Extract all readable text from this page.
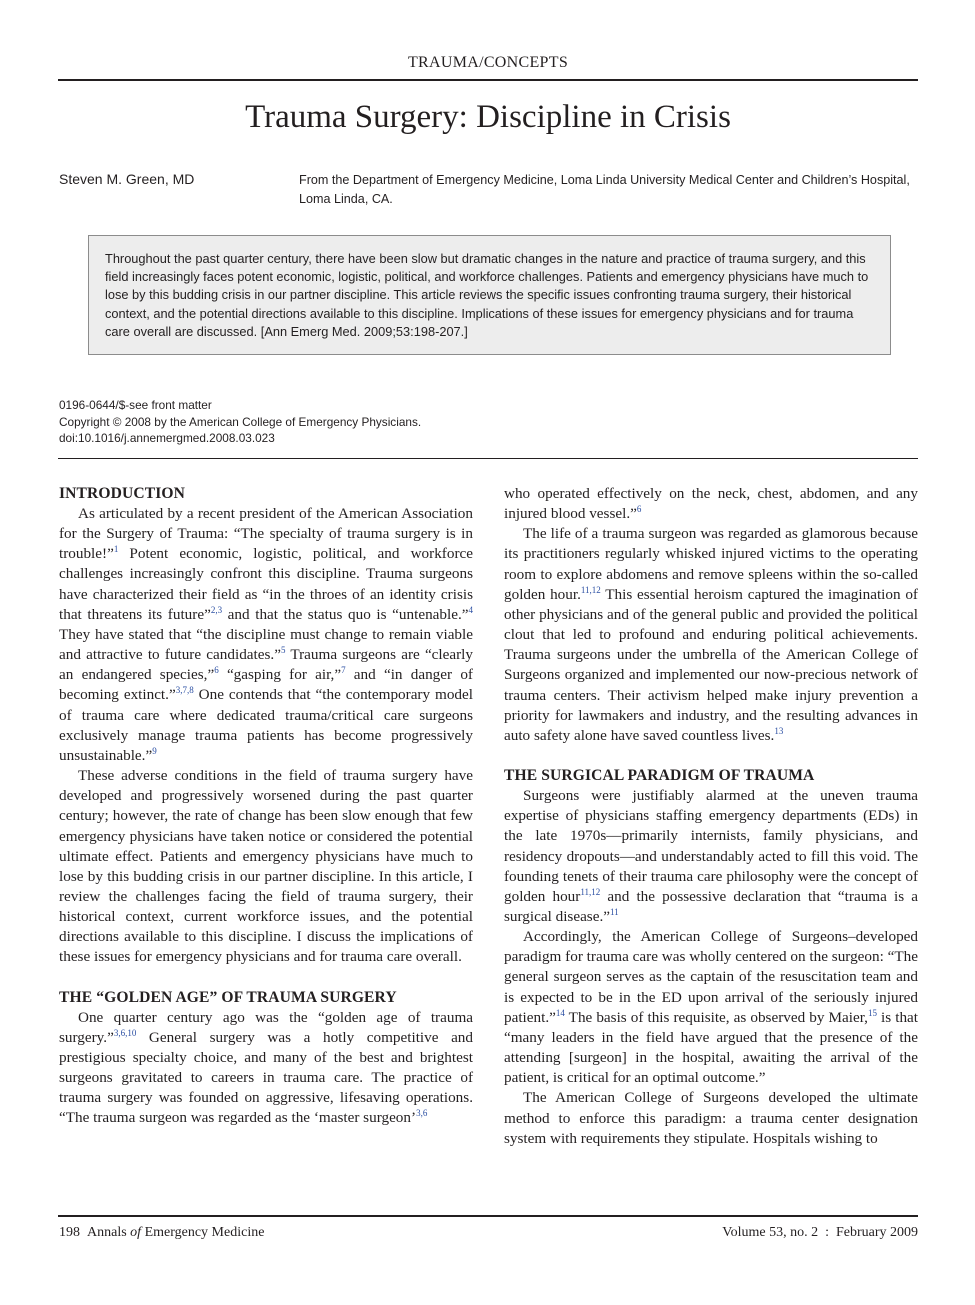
TRAUMA/CONCEPTS
Trauma Surgery: Discipline in Crisis
Steven M. Green, MD	From the Department of Emergency Medicine, Loma Linda University Medical Center and Children’s Hospital, Loma Linda, CA.
Throughout the past quarter century, there have been slow but dramatic changes in the nature and practice of trauma surgery, and this field increasingly faces potent economic, logistic, political, and workforce challenges. Patients and emergency physicians have much to lose by this budding crisis in our partner discipline. This article reviews the specific issues confronting trauma surgery, their historical context, and the potential directions available to this discipline. Implications of these issues for emergency physicians and for trauma care overall are discussed. [Ann Emerg Med. 2009;53:198-207.]
0196-0644/$-see front matter
Copyright © 2008 by the American College of Emergency Physicians.
doi:10.1016/j.annemergmed.2008.03.023
INTRODUCTION

As articulated by a recent president of the American Association for the Surgery of Trauma: “The specialty of trauma surgery is in trouble!”$^1$ Potent economic, logistic, political, and workforce challenges increasingly confront this discipline. Trauma surgeons have characterized their field as “in the throes of an identity crisis that threatens its future”$^{2,3}$ and that the status quo is “untenable.”$^4$ They have stated that “the discipline must change to remain viable and attractive to future candidates.”$^5$ Trauma surgeons are “clearly an endangered species,”$^6$ “gasping for air,”$^7$ and “in danger of becoming extinct.”$^{3,7,8}$ One contends that “the contemporary model of trauma care where dedicated trauma/critical care surgeons exclusively manage trauma patients has become progressively unsustainable.”$^9$

These adverse conditions in the field of trauma surgery have developed and progressively worsened during the past quarter century; however, the rate of change has been slow enough that few emergency physicians have taken notice or considered the potential ultimate effect. Patients and emergency physicians have much to lose by this budding crisis in our partner discipline. In this article, I review the challenges facing the field of trauma surgery, their historical context, current workforce issues, and the potential directions available to this discipline. I discuss the implications of these issues for emergency physicians and for trauma care overall.

THE “GOLDEN AGE” OF TRAUMA SURGERY

One quarter century ago was the “golden age of trauma surgery.”$^{3,6,10}$ General surgery was a hotly competitive and prestigious specialty choice, and many of the best and brightest surgeons gravitated to careers in trauma care. The practice of trauma surgery was founded on aggressive, lifesaving operations. “The trauma surgeon was regarded as the ‘master surgeon’$^{3,6}$

who operated effectively on the neck, chest, abdomen, and any injured blood vessel.”$^6$

The life of a trauma surgeon was regarded as glamorous because its practitioners regularly whisked injured victims to the operating room to explore abdomens and remove spleens within the so-called golden hour.$^{11,12}$ This essential heroism captured the imagination of other physicians and of the general public and provided the political clout that led to profound and enduring political achievements. Trauma surgeons under the umbrella of the American College of Surgeons organized and implemented our now-precious network of trauma centers. Their activism helped make injury prevention a priority for lawmakers and industry, and the resulting advances in auto safety alone have saved countless lives.$^{13}$

THE SURGICAL PARADIGM OF TRAUMA

Surgeons were justifiably alarmed at the uneven trauma expertise of physicians staffing emergency departments (EDs) in the late 1970s—primarily internists, family physicians, and residency dropouts—and understandably acted to fill this void. The founding tenets of their trauma care philosophy were the concept of golden hour$^{11,12}$ and the possessive declaration that “trauma is a surgical disease.”$^{11}$

Accordingly, the American College of Surgeons–developed paradigm for trauma care was wholly centered on the surgeon: “The general surgeon serves as the captain of the resuscitation team and is expected to be in the ED upon arrival of the seriously injured patient.”$^{14}$ The basis of this requisite, as observed by Maier,$^{15}$ is that “many leaders in the field have argued that the presence of the attending [surgeon] in the hospital, awaiting the arrival of the patient, is critical for an optimal outcome.”

The American College of Surgeons developed the ultimate method to enforce this paradigm: a trauma center designation system with requirements they stipulate. Hospitals wishing to

198 Annals of Emergency Medicine	Volume 53, no. 2  :  February 2009
